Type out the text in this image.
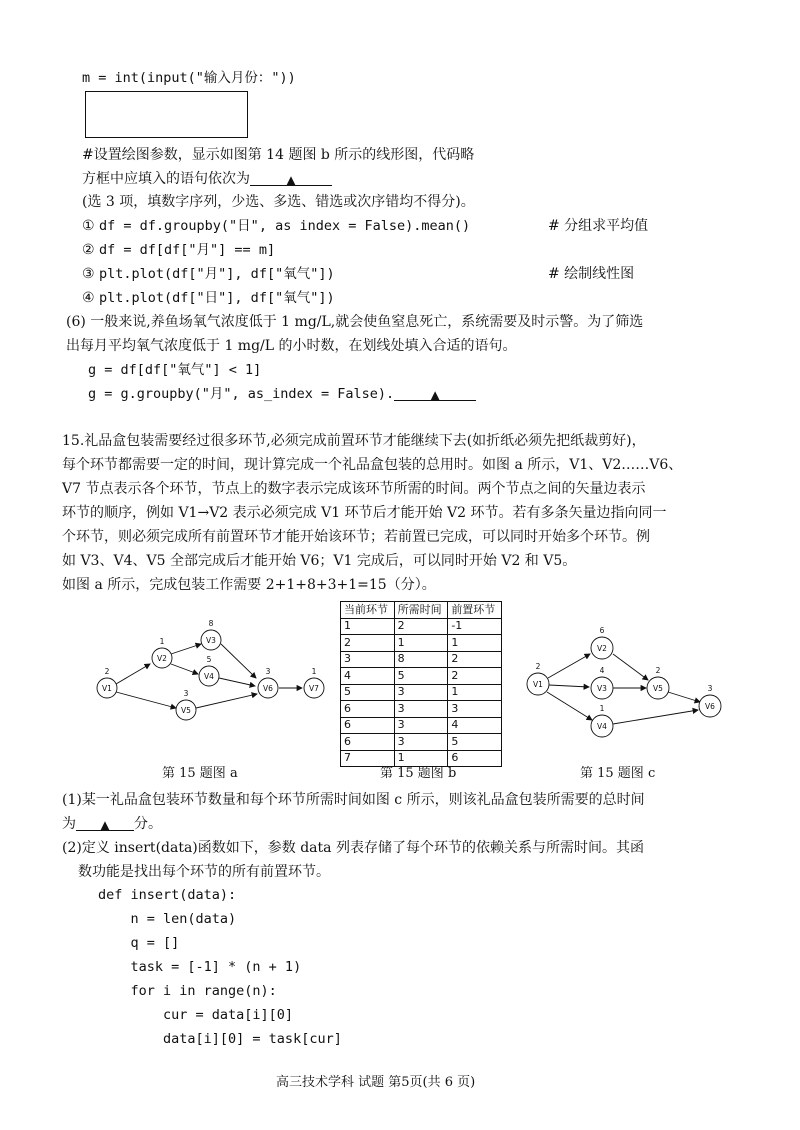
m = int(input("输入月份："))
#设置绘图参数，显示如图第 14 题图 b 所示的线形图，代码略
方框中应填入的语句依次为	▲
(选 3 项，填数字序列，少选、多选、错选或次序错均不得分)。
① df = df.groupby("日", as index = False).mean()	# 分组求平均值
② df = df[df["月"] == m]
③ plt.plot(df["月"], df["氧气"])	# 绘制线性图
④ plt.plot(df["日"], df["氧气"])
(6) 一般来说,养鱼场氧气浓度低于 1 mg/L,就会使鱼窒息死亡，系统需要及时示警。为了筛选
出每月平均氧气浓度低于 1 mg/L 的小时数，在划线处填入合适的语句。
g = df[df["氧气"] < 1]
g = g.groupby("月", as_index = False).	▲
15.礼品盒包装需要经过很多环节,必须完成前置环节才能继续下去(如折纸必须先把纸裁剪好)，
每个环节都需要一定的时间，现计算完成一个礼品盒包装的总用时。如图 a 所示，V1、V2……V6、
V7 节点表示各个环节，节点上的数字表示完成该环节所需的时间。两个节点之间的矢量边表示
环节的顺序，例如 V1→V2 表示必须完成 V1 环节后才能开始 V2 环节。若有多条矢量边指向同一
个环节，则必须完成所有前置环节才能开始该环节；若前置已完成，可以同时开始多个环节。例
如 V3、V4、V5 全部完成后才能开始 V6；V1 完成后，可以同时开始 V2 和 V5。
如图 a 所示，完成包装工作需要 2+1+8+3+1=15（分）。
V1
V2
V3
V4
V5
V6	V7
2
1
8
5
3
3	1
第 15 题图 a
当前环节	所需时间	前置环节
1	2	-1
2	1	1
3	8	2
4	5	2
5	3	1
6	3	3
6	3	4
6	3	5
7	1	6
第 15 题图 b
V1
V2
V3
V4
V5
V6
2
6
4
1
2
3
第 15 题图 c
(1)某一礼品盒包装环节数量和每个环节所需时间如图 c 所示，则该礼品盒包装所需要的总时间
为 ▲ 分。
(2)定义 insert(data)函数如下，参数 data 列表存储了每个环节的依赖关系与所需时间。其函
数功能是找出每个环节的所有前置环节。
def insert(data):
n = len(data)
q = []
task = [-1] * (n + 1)
for i in range(n):
cur = data[i][0]
data[i][0] = task[cur]
高三技术学科 试题 第5页(共 6 页)
